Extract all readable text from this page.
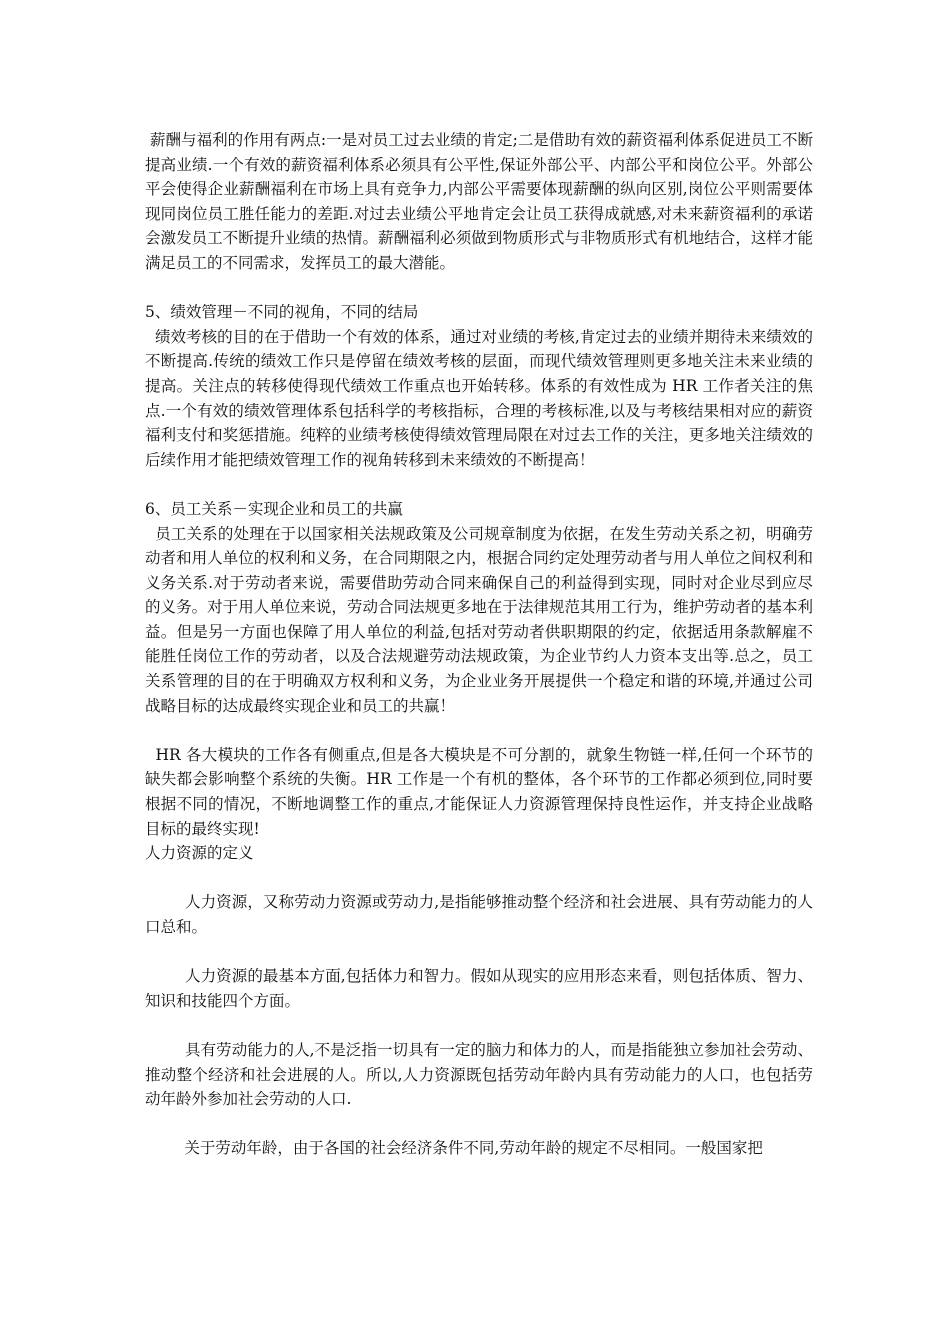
薪酬与福利的作用有两点:一是对员工过去业绩的肯定;二是借助有效的薪资福利体系促进员工不断提高业绩.一个有效的薪资福利体系必须具有公平性,保证外部公平、内部公平和岗位公平。外部公平会使得企业薪酬福利在市场上具有竞争力,内部公平需要体现薪酬的纵向区别,岗位公平则需要体现同岗位员工胜任能力的差距.对过去业绩公平地肯定会让员工获得成就感,对未来薪资福利的承诺会激发员工不断提升业绩的热情。薪酬福利必须做到物质形式与非物质形式有机地结合，这样才能满足员工的不同需求，发挥员工的最大潜能。

5、绩效管理－不同的视角，不同的结局

绩效考核的目的在于借助一个有效的体系，通过对业绩的考核,肯定过去的业绩并期待未来绩效的不断提高.传统的绩效工作只是停留在绩效考核的层面，而现代绩效管理则更多地关注未来业绩的提高。关注点的转移使得现代绩效工作重点也开始转移。体系的有效性成为 HR 工作者关注的焦点.一个有效的绩效管理体系包括科学的考核指标，合理的考核标准,以及与考核结果相对应的薪资福利支付和奖惩措施。纯粹的业绩考核使得绩效管理局限在对过去工作的关注，更多地关注绩效的后续作用才能把绩效管理工作的视角转移到未来绩效的不断提高！

6、员工关系－实现企业和员工的共赢

员工关系的处理在于以国家相关法规政策及公司规章制度为依据，在发生劳动关系之初，明确劳动者和用人单位的权利和义务，在合同期限之内，根据合同约定处理劳动者与用人单位之间权利和义务关系.对于劳动者来说，需要借助劳动合同来确保自己的利益得到实现，同时对企业尽到应尽的义务。对于用人单位来说，劳动合同法规更多地在于法律规范其用工行为，维护劳动者的基本利益。但是另一方面也保障了用人单位的利益,包括对劳动者供职期限的约定，依据适用条款解雇不能胜任岗位工作的劳动者，以及合法规避劳动法规政策，为企业节约人力资本支出等.总之，员工关系管理的目的在于明确双方权利和义务，为企业业务开展提供一个稳定和谐的环境,并通过公司战略目标的达成最终实现企业和员工的共赢！

HR 各大模块的工作各有侧重点,但是各大模块是不可分割的，就象生物链一样,任何一个环节的缺失都会影响整个系统的失衡。HR 工作是一个有机的整体，各个环节的工作都必须到位,同时要根据不同的情况，不断地调整工作的重点,才能保证人力资源管理保持良性运作，并支持企业战略目标的最终实现!

人力资源的定义

人力资源，又称劳动力资源或劳动力,是指能够推动整个经济和社会进展、具有劳动能力的人口总和。

人力资源的最基本方面,包括体力和智力。假如从现实的应用形态来看，则包括体质、智力、知识和技能四个方面。

具有劳动能力的人,不是泛指一切具有一定的脑力和体力的人，而是指能独立参加社会劳动、推动整个经济和社会进展的人。所以,人力资源既包括劳动年龄内具有劳动能力的人口，也包括劳动年龄外参加社会劳动的人口.

关于劳动年龄，由于各国的社会经济条件不同,劳动年龄的规定不尽相同。一般国家把
